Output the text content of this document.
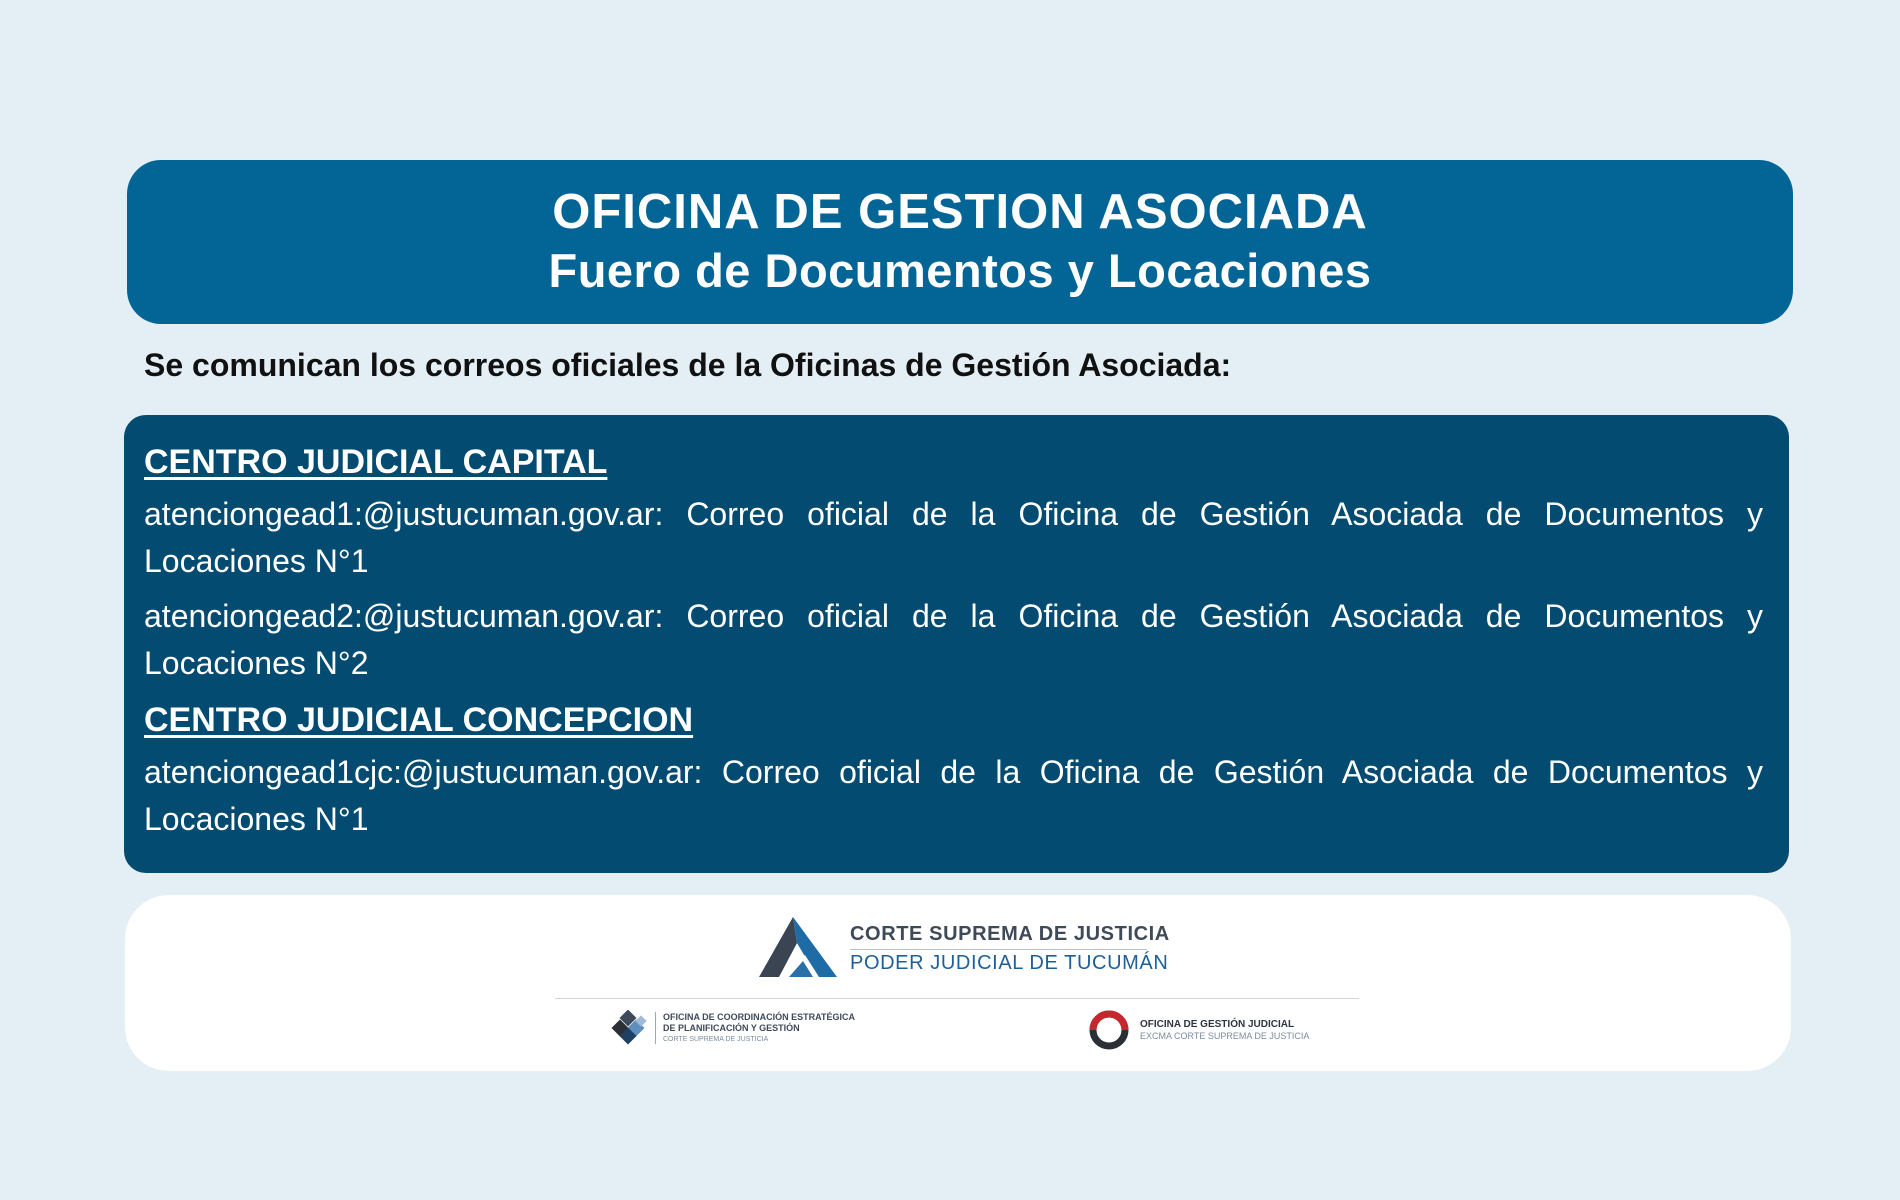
OFICINA DE GESTION ASOCIADA
Fuero de Documentos y Locaciones
Se comunican los correos oficiales de la Oficinas de Gestión Asociada:
CENTRO JUDICIAL CAPITAL

atenciongead1:@justucuman.gov.ar: Correo oficial de la Oficina de Gestión Asociada de Documentos y Locaciones N°1

atenciongead2:@justucuman.gov.ar: Correo oficial de la Oficina de Gestión Asociada de Documentos y Locaciones N°2

CENTRO JUDICIAL CONCEPCION

atenciongead1cjc:@justucuman.gov.ar: Correo oficial de la Oficina de Gestión Asociada de Documentos y Locaciones N°1

CORTE SUPREMA DE JUSTICIA
PODER JUDICIAL DE TUCUMÁN
OFICINA DE COORDINACIÓN ESTRATÉGICA
DE PLANIFICACIÓN Y GESTIÓN
CORTE SUPREMA DE JUSTICIA
OFICINA DE GESTIÓN JUDICIAL
EXCMA CORTE SUPREMA DE JUSTICIA
